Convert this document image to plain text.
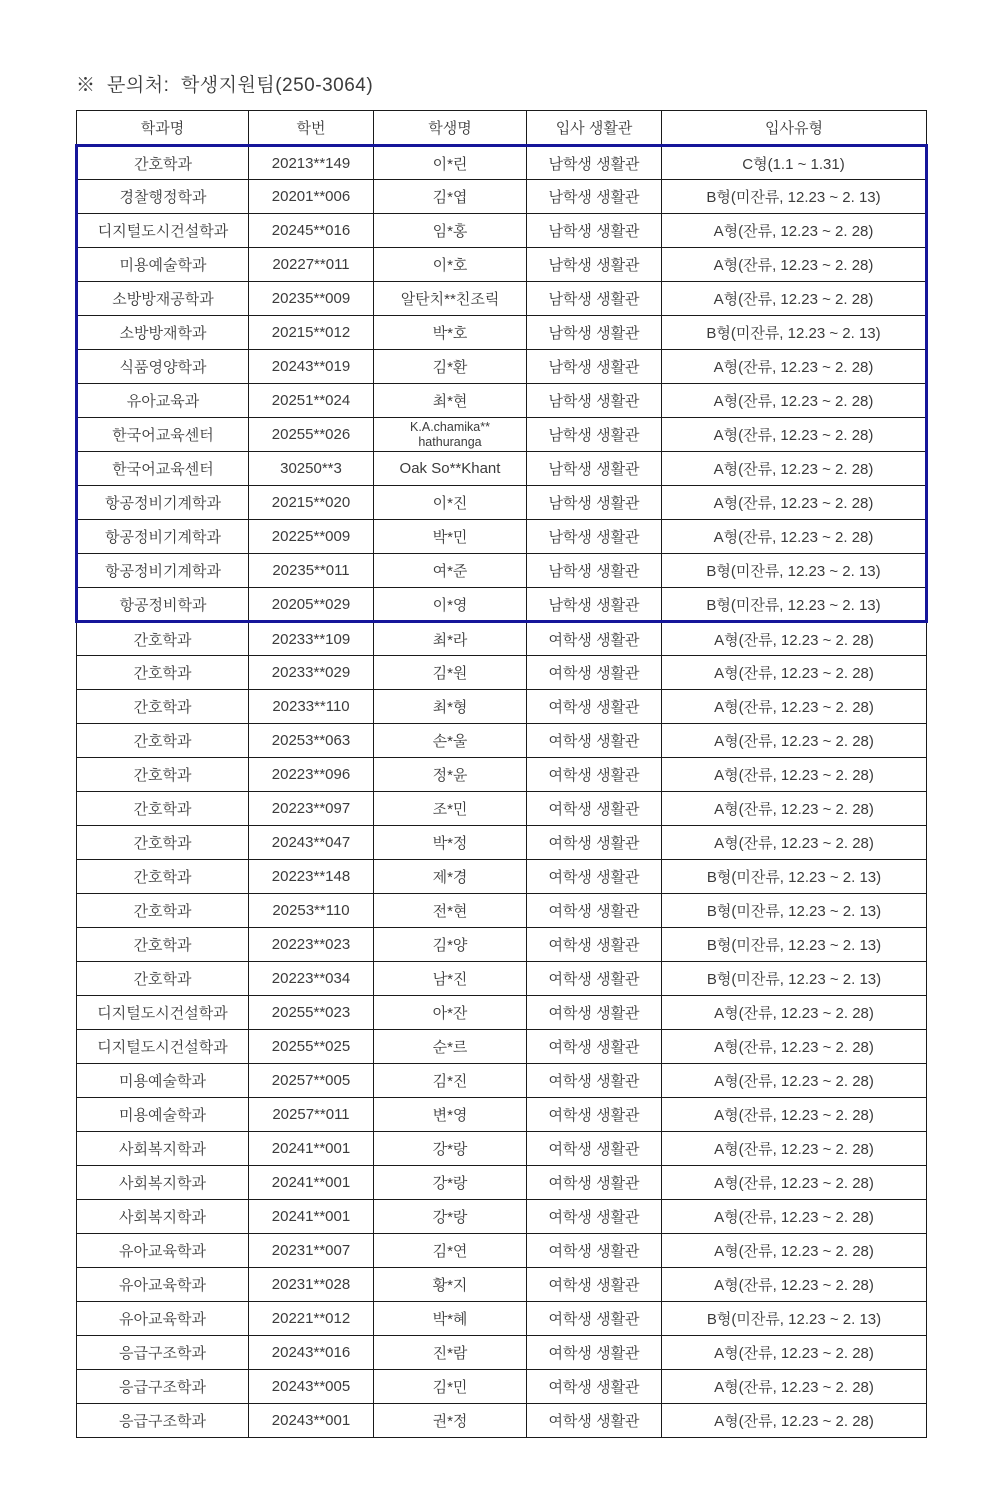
※  문의처:  학생지원팀(250-3064)
학과명	학번	학생명	입사 생활관	입사유형
간호학과	20213**149	이*린	남학생 생활관	C형(1.1 ~ 1.31)
경찰행정학과	20201**006	김*엽	남학생 생활관	B형(미잔류, 12.23 ~ 2. 13)
디지털도시건설학과	20245**016	임*홍	남학생 생활관	A형(잔류, 12.23 ~ 2. 28)
미용예술학과	20227**011	이*호	남학생 생활관	A형(잔류, 12.23 ~ 2. 28)
소방방재공학과	20235**009	알탄치**친조릭	남학생 생활관	A형(잔류, 12.23 ~ 2. 28)
소방방재학과	20215**012	박*호	남학생 생활관	B형(미잔류, 12.23 ~ 2. 13)
식품영양학과	20243**019	김*환	남학생 생활관	A형(잔류, 12.23 ~ 2. 28)
유아교육과	20251**024	최*현	남학생 생활관	A형(잔류, 12.23 ~ 2. 28)
한국어교육센터	20255**026	K.A.chamika**
hathuranga	남학생 생활관	A형(잔류, 12.23 ~ 2. 28)
한국어교육센터	30250**3	Oak So**Khant	남학생 생활관	A형(잔류, 12.23 ~ 2. 28)
항공정비기계학과	20215**020	이*진	남학생 생활관	A형(잔류, 12.23 ~ 2. 28)
항공정비기계학과	20225**009	박*민	남학생 생활관	A형(잔류, 12.23 ~ 2. 28)
항공정비기계학과	20235**011	여*준	남학생 생활관	B형(미잔류, 12.23 ~ 2. 13)
항공정비학과	20205**029	이*영	남학생 생활관	B형(미잔류, 12.23 ~ 2. 13)
간호학과	20233**109	최*라	여학생 생활관	A형(잔류, 12.23 ~ 2. 28)
간호학과	20233**029	김*원	여학생 생활관	A형(잔류, 12.23 ~ 2. 28)
간호학과	20233**110	최*형	여학생 생활관	A형(잔류, 12.23 ~ 2. 28)
간호학과	20253**063	손*울	여학생 생활관	A형(잔류, 12.23 ~ 2. 28)
간호학과	20223**096	정*윤	여학생 생활관	A형(잔류, 12.23 ~ 2. 28)
간호학과	20223**097	조*민	여학생 생활관	A형(잔류, 12.23 ~ 2. 28)
간호학과	20243**047	박*정	여학생 생활관	A형(잔류, 12.23 ~ 2. 28)
간호학과	20223**148	제*경	여학생 생활관	B형(미잔류, 12.23 ~ 2. 13)
간호학과	20253**110	전*현	여학생 생활관	B형(미잔류, 12.23 ~ 2. 13)
간호학과	20223**023	김*양	여학생 생활관	B형(미잔류, 12.23 ~ 2. 13)
간호학과	20223**034	남*진	여학생 생활관	B형(미잔류, 12.23 ~ 2. 13)
디지털도시건설학과	20255**023	아*잔	여학생 생활관	A형(잔류, 12.23 ~ 2. 28)
디지털도시건설학과	20255**025	순*르	여학생 생활관	A형(잔류, 12.23 ~ 2. 28)
미용예술학과	20257**005	김*진	여학생 생활관	A형(잔류, 12.23 ~ 2. 28)
미용예술학과	20257**011	변*영	여학생 생활관	A형(잔류, 12.23 ~ 2. 28)
사회복지학과	20241**001	강*랑	여학생 생활관	A형(잔류, 12.23 ~ 2. 28)
사회복지학과	20241**001	강*랑	여학생 생활관	A형(잔류, 12.23 ~ 2. 28)
사회복지학과	20241**001	강*랑	여학생 생활관	A형(잔류, 12.23 ~ 2. 28)
유아교육학과	20231**007	김*연	여학생 생활관	A형(잔류, 12.23 ~ 2. 28)
유아교육학과	20231**028	황*지	여학생 생활관	A형(잔류, 12.23 ~ 2. 28)
유아교육학과	20221**012	박*혜	여학생 생활관	B형(미잔류, 12.23 ~ 2. 13)
응급구조학과	20243**016	진*람	여학생 생활관	A형(잔류, 12.23 ~ 2. 28)
응급구조학과	20243**005	김*민	여학생 생활관	A형(잔류, 12.23 ~ 2. 28)
응급구조학과	20243**001	권*정	여학생 생활관	A형(잔류, 12.23 ~ 2. 28)
